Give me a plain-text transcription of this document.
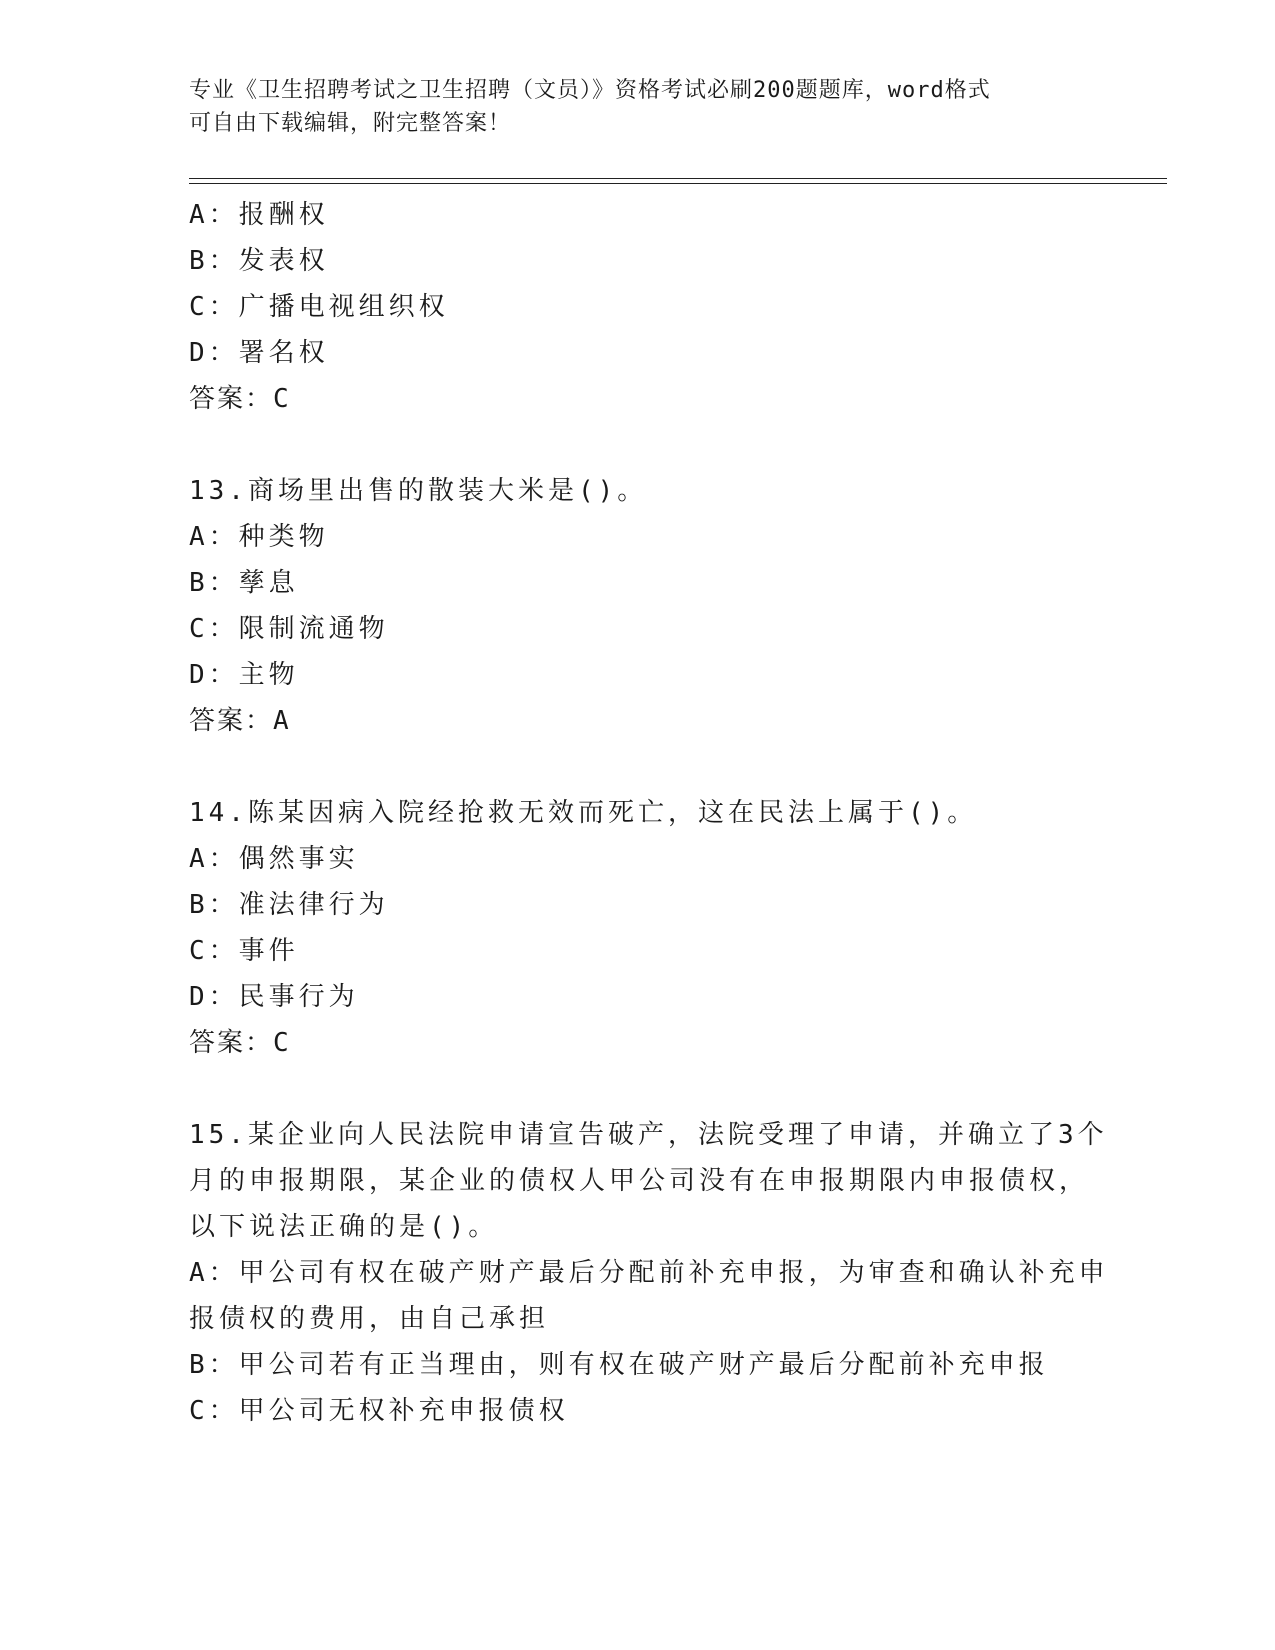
专业《卫生招聘考试之卫生招聘（文员）》资格考试必刷200题题库，word格式
可自由下载编辑，附完整答案！
A：报酬权
B：发表权
C：广播电视组织权
D：署名权
答案：C
13.商场里出售的散装大米是()。
A：种类物
B：孳息
C：限制流通物
D：主物
答案：A
14.陈某因病入院经抢救无效而死亡，这在民法上属于()。
A：偶然事实
B：准法律行为
C：事件
D：民事行为
答案：C
15.某企业向人民法院申请宣告破产，法院受理了申请，并确立了3个
月的申报期限，某企业的债权人甲公司没有在申报期限内申报债权，
以下说法正确的是()。
A：甲公司有权在破产财产最后分配前补充申报，为审查和确认补充申
报债权的费用，由自己承担
B：甲公司若有正当理由，则有权在破产财产最后分配前补充申报
C：甲公司无权补充申报债权
